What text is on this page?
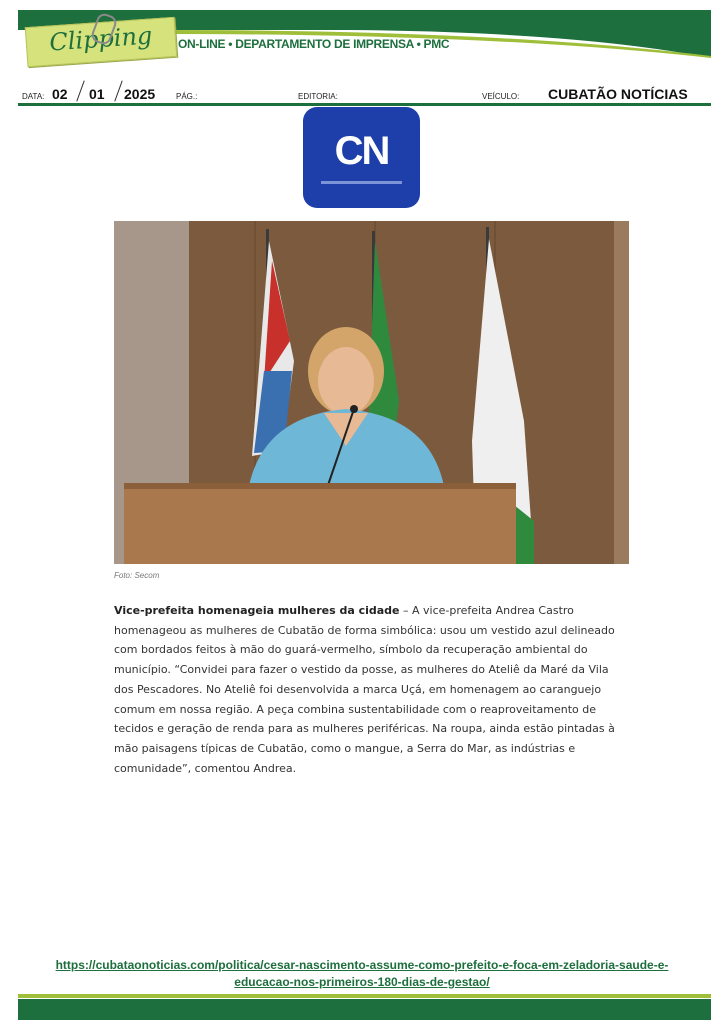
Clipping	ON-LINE • DEPARTAMENTO DE IMPRENSA • PMC
DATA: 02 01 2025	PÁG.:	EDITORIA:	VEÍCULO: CUBATÃO NOTÍCIAS
CN
Foto: Secom
Vice-prefeita homenageia mulheres da cidade – A vice-prefeita Andrea Castro homenageou as mulheres de Cubatão de forma simbólica: usou um vestido azul delineado com bordados feitos à mão do guará-vermelho, símbolo da recuperação ambiental do município. “Convidei para fazer o vestido da posse, as mulheres do Ateliê da Maré da Vila dos Pescadores. No Ateliê foi desenvolvida a marca Uçá, em homenagem ao caranguejo comum em nossa região. A peça combina sustentabilidade com o reaproveitamento de tecidos e geração de renda para as mulheres periféricas. Na roupa, ainda estão pintadas à mão paisagens típicas de Cubatão, como o mangue, a Serra do Mar, as indústrias e comunidade”, comentou Andrea.
https://cubataonoticias.com/politica/cesar-nascimento-assume-como-prefeito-e-foca-em-zeladoria-saude-e-educacao-nos-primeiros-180-dias-de-gestao/
